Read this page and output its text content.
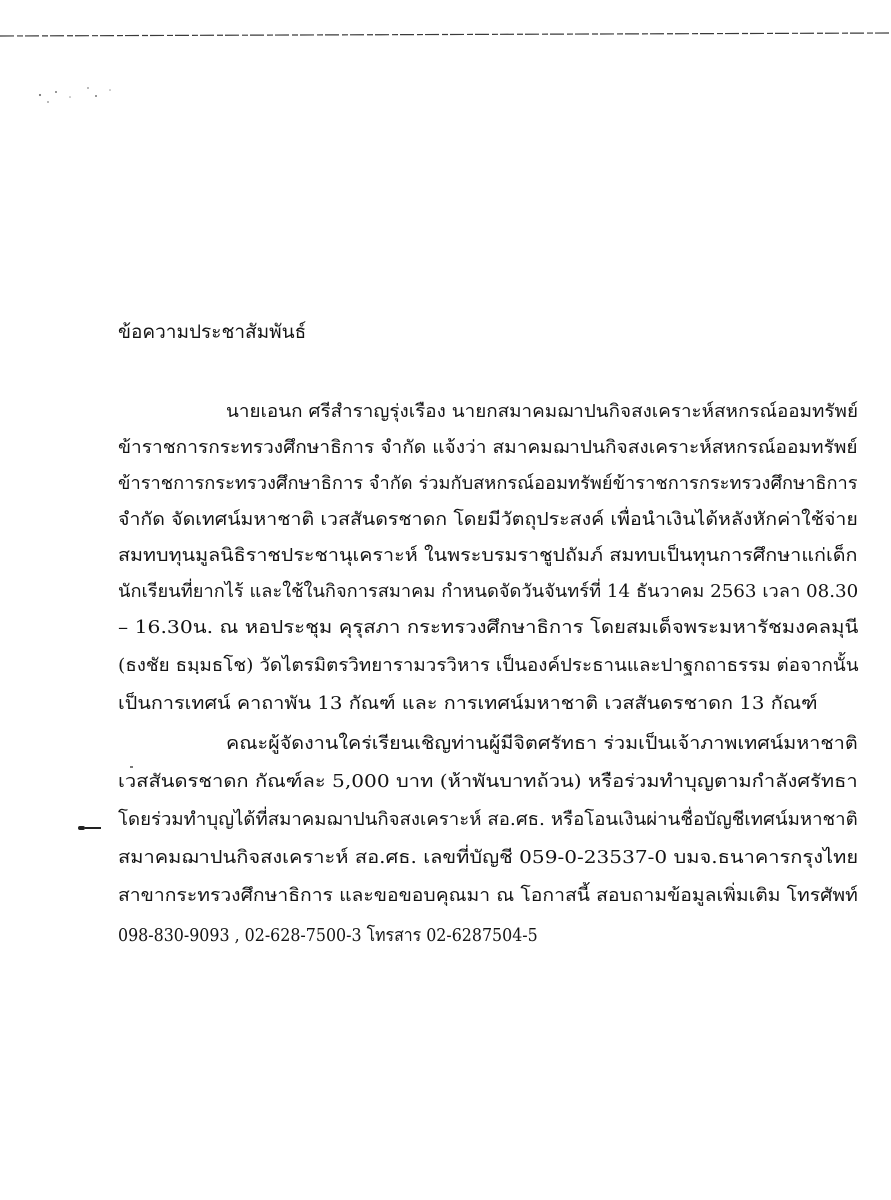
ข้อความประชาสัมพันธ์
นายเอนก ศรีสำราญรุ่งเรือง นายกสมาคมฌาปนกิจสงเคราะห์สหกรณ์ออมทรัพย์
ข้าราชการกระทรวงศึกษาธิการ จำกัด แจ้งว่า สมาคมฌาปนกิจสงเคราะห์สหกรณ์ออมทรัพย์
ข้าราชการกระทรวงศึกษาธิการ จำกัด ร่วมกับสหกรณ์ออมทรัพย์ข้าราชการกระทรวงศึกษาธิการ
จำกัด จัดเทศน์มหาชาติ เวสสันดรชาดก โดยมีวัตถุประสงค์ เพื่อนำเงินได้หลังหักค่าใช้จ่าย
สมทบทุนมูลนิธิราชประชานุเคราะห์ ในพระบรมราชูปถัมภ์ สมทบเป็นทุนการศึกษาแก่เด็ก
นักเรียนที่ยากไร้ และใช้ในกิจการสมาคม กำหนดจัดวันจันทร์ที่ 14 ธันวาคม 2563 เวลา 08.30
– 16.30น. ณ หอประชุม คุรุสภา กระทรวงศึกษาธิการ โดยสมเด็จพระมหารัชมงคลมุนี
(ธงชัย ธมฺมธโช) วัดไตรมิตรวิทยารามวรวิหาร เป็นองค์ประธานและปาฐกถาธรรม ต่อจากนั้น
เป็นการเทศน์ คาถาพัน 13 กัณฑ์ และ การเทศน์มหาชาติ เวสสันดรชาดก 13 กัณฑ์
คณะผู้จัดงานใคร่เรียนเชิญท่านผู้มีจิตศรัทธา ร่วมเป็นเจ้าภาพเทศน์มหาชาติ
เวสสันดรชาดก กัณฑ์ละ 5,000 บาท (ห้าพันบาทถ้วน) หรือร่วมทำบุญตามกำลังศรัทธา
โดยร่วมทำบุญได้ที่สมาคมฌาปนกิจสงเคราะห์ สอ.ศธ. หรือโอนเงินผ่านชื่อบัญชีเทศน์มหาชาติ
สมาคมฌาปนกิจสงเคราะห์ สอ.ศธ. เลขที่บัญชี 059-0-23537-0 บมจ.ธนาคารกรุงไทย
สาขากระทรวงศึกษาธิการ และขอขอบคุณมา ณ โอกาสนี้ สอบถามข้อมูลเพิ่มเติม โทรศัพท์
098-830-9093 , 02-628-7500-3 โทรสาร 02-6287504-5
